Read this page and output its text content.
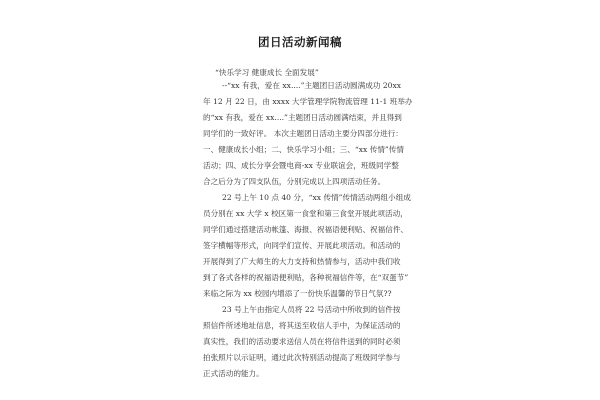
团日活动新闻稿
“快乐学习 健康成长 全面发展”
--“xx 有我，爱在 xx....”主题团日活动圆满成功 20xx
年 12 月 22 日，由 xxxx 大学管理学院物流管理 11-1 班举办
的“xx 有我，爱在 xx....”主题团日活动圆满结束，并且得到
同学们的一致好评。 本次主题团日活动主要分四部分进行：
一、健康成长小组；二、快乐学习小组；三、“xx 传情”传情
活动；四、成长分享会暨电商-xx 专业联谊会，班级同学整
合之后分为了四支队伍，分别完成以上四项活动任务。
22 号上午 10 点 40 分，“xx 传情”传情活动两组小组成
员分别在 xx 大学 x 校区第一食堂和第三食堂开展此项活动，
同学们通过搭建活动帐篷、海报、祝福语便利贴、祝福信件、
签字横幅等形式，向同学们宣传、开展此项活动。和活动的
开展得到了广大师生的大力支持和热情参与，活动中我们收
到了各式各样的祝福语便利贴，各种祝福信件等，在“双蛋节”
来临之际为 xx 校园内增添了一份快乐温馨的节日气氛??
23 号上午由指定人员将 22 号活动中所收到的信件按
照信件所述地址信息，将其送至收信人手中，为保证活动的
真实性，我们的活动要求送信人员在将信件送到的同时必须
拍张照片以示证明，通过此次特别活动提高了班级同学参与
正式活动的能力。
